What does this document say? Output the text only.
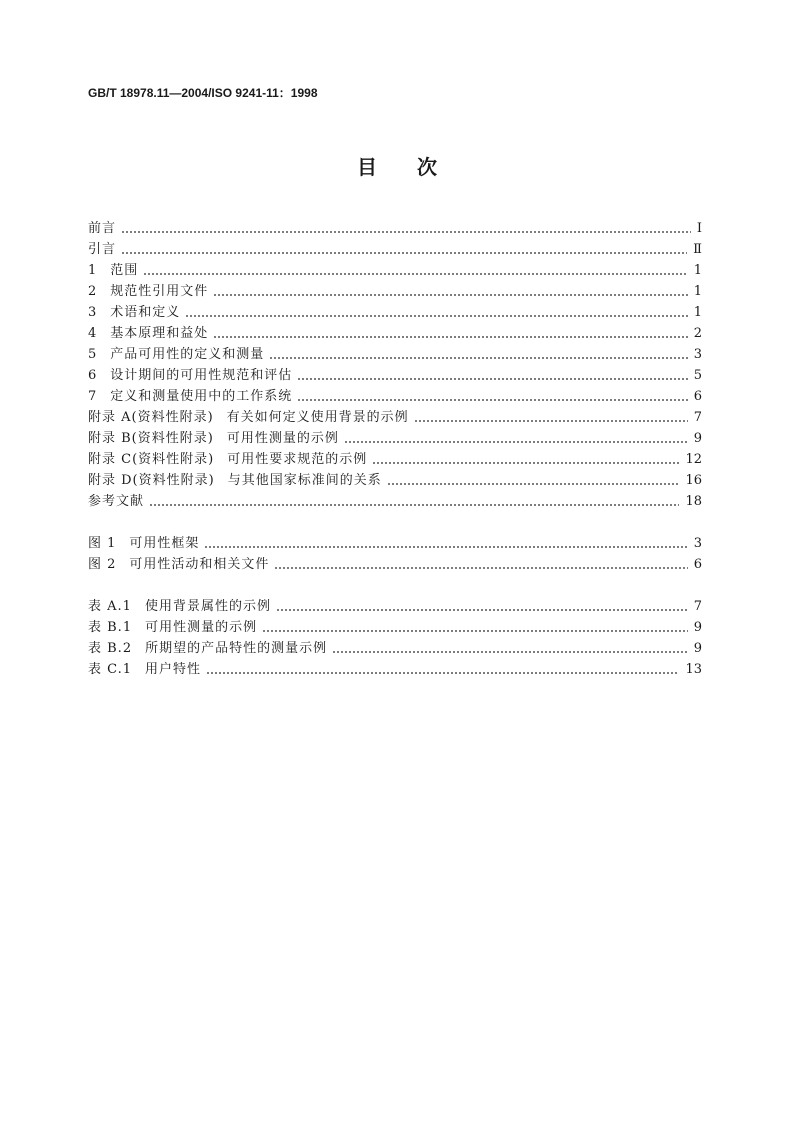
GB/T 18978.11—2004/ISO 9241-11：1998
目　　次
前言	Ⅰ
引言	Ⅱ
1 范围	1
2 规范性引用文件	1
3 术语和定义	1
4 基本原理和益处	2
5 产品可用性的定义和测量	3
6 设计期间的可用性规范和评估	5
7 定义和测量使用中的工作系统	6
附录 A(资料性附录) 有关如何定义使用背景的示例	7
附录 B(资料性附录) 可用性测量的示例	9
附录 C(资料性附录) 可用性要求规范的示例	12
附录 D(资料性附录) 与其他国家标准间的关系	16
参考文献	18
图 1 可用性框架	3
图 2 可用性活动和相关文件	6
表 A.1 使用背景属性的示例	7
表 B.1 可用性测量的示例	9
表 B.2 所期望的产品特性的测量示例	9
表 C.1 用户特性	13
